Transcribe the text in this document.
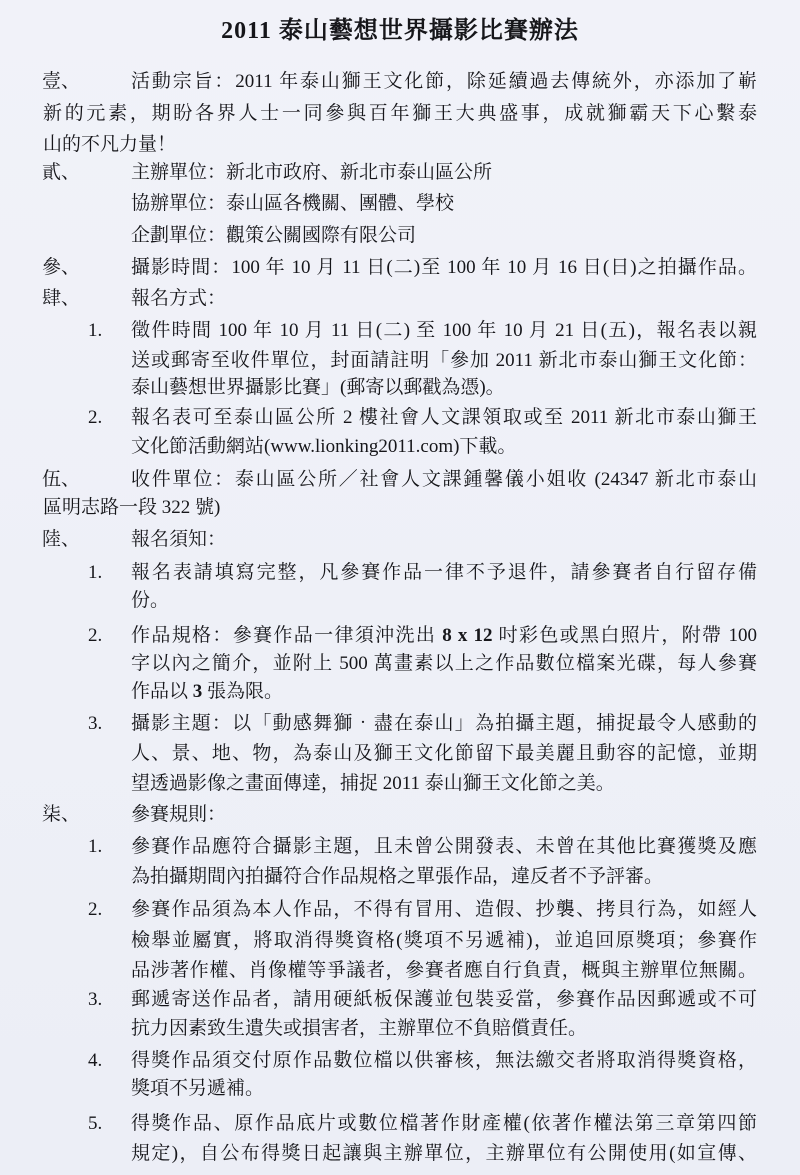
2011 泰山藝想世界攝影比賽辦法
壹、	活動宗旨：2011 年泰山獅王文化節，除延續過去傳統外，亦添加了嶄
新的元素，期盼各界人士一同參與百年獅王大典盛事，成就獅霸天下心繫泰
山的不凡力量！
貳、	主辦單位：新北市政府、新北市泰山區公所
協辦單位：泰山區各機關、團體、學校
企劃單位：觀策公關國際有限公司
參、	攝影時間：100 年 10 月 11 日(二)至 100 年 10 月 16 日(日)之拍攝作品。
肆、	報名方式：
1.	徵件時間 100 年 10 月 11 日(二) 至 100 年 10 月 21 日(五)，報名表以親
送或郵寄至收件單位，封面請註明「參加 2011 新北市泰山獅王文化節：
泰山藝想世界攝影比賽」(郵寄以郵戳為憑)。
2.	報名表可至泰山區公所 2 樓社會人文課領取或至 2011 新北市泰山獅王
文化節活動網站(www.lionking2011.com)下載。
伍、	收件單位：泰山區公所／社會人文課鍾馨儀小姐收 (24347 新北市泰山
區明志路一段 322 號)
陸、	報名須知：
1.	報名表請填寫完整，凡參賽作品一律不予退件，請參賽者自行留存備
份。
2.	作品規格：參賽作品一律須沖洗出 8 x 12 吋彩色或黑白照片，附帶 100
字以內之簡介，並附上 500 萬畫素以上之作品數位檔案光碟，每人參賽
作品以 3 張為限。
3.	攝影主題：以「動感舞獅‧盡在泰山」為拍攝主題，捕捉最令人感動的
人、景、地、物，為泰山及獅王文化節留下最美麗且動容的記憶，並期
望透過影像之畫面傳達，捕捉 2011 泰山獅王文化節之美。
柒、	參賽規則：
1.	參賽作品應符合攝影主題，且未曾公開發表、未曾在其他比賽獲獎及應
為拍攝期間內拍攝符合作品規格之單張作品，違反者不予評審。
2.	參賽作品須為本人作品，不得有冒用、造假、抄襲、拷貝行為，如經人
檢舉並屬實，將取消得獎資格(獎項不另遞補)，並追回原獎項；參賽作
品涉著作權、肖像權等爭議者，參賽者應自行負責，概與主辦單位無關。
3.	郵遞寄送作品者，請用硬紙板保護並包裝妥當，參賽作品因郵遞或不可
抗力因素致生遺失或損害者，主辦單位不負賠償責任。
4.	得獎作品須交付原作品數位檔以供審核，無法繳交者將取消得獎資格，
獎項不另遞補。
5.	得獎作品、原作品底片或數位檔著作財產權(依著作權法第三章第四節
規定)，自公布得獎日起讓與主辦單位，主辦單位有公開使用(如宣傳、
